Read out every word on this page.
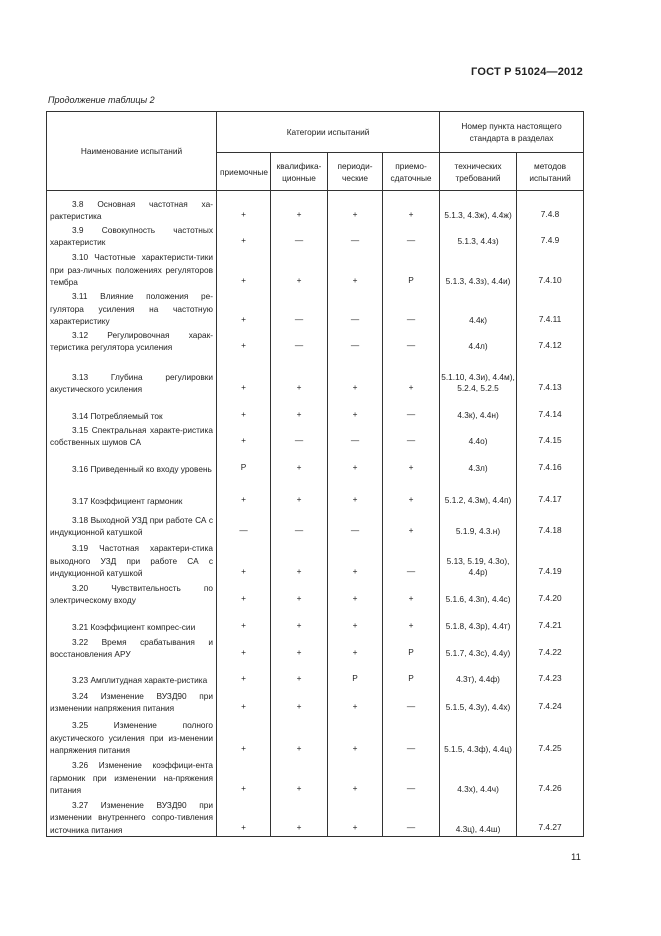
ГОСТ Р 51024—2012
Продолжение таблицы 2
Наименование испытаний	Категории испытаний				Номер пункта настоящего стандарта в разделах	
	приемочные	квалифика-ционные	периоди-ческие	приемо-сдаточные	технических требований	методов испытаний
3.8 Основная частотная ха-рактеристика	+	+	+	+	5.1.3, 4.3ж), 4.4ж)	7.4.8
3.9 Совокупность частотных характеристик	+	—	—	—	5.1.3, 4.4з)	7.4.9
3.10 Частотные характеристи-тики при раз-личных положениях регуляторов тембра	+	+	+	Р	5.1.3, 4.3з), 4.4и)	7.4.10
3.11 Влияние положения ре-гулятора усиления на частотную характеристику	+	—	—	—	4.4к)	7.4.11
3.12 Регулировочная харак-теристика регулятора усиления	+	—	—	—	4.4л)	7.4.12
3.13 Глубина регулировки акустического усиления	+	+	+	+	5.1.10, 4.3и), 4.4м), 5.2.4, 5.2.5	7.4.13
3.14 Потребляемый ток	+	+	+	—	4.3к), 4.4н)	7.4.14
3.15 Спектральная характе-ристика собственных шумов СА	+	—	—	—	4.4о)	7.4.15
3.16 Приведенный ко входу уровень	Р	+	+	+	4.3л)	7.4.16
3.17 Коэффициент гармоник	+	+	+	+	5.1.2, 4.3м), 4.4п)	7.4.17
3.18 Выходной УЗД при работе СА с индукционной катушкой	—	—	—	+	5.1.9, 4.3.н)	7.4.18
3.19 Частотная характери-стика выходного УЗД при работе СА с индукционной катушкой	+	+	+	—	5.13, 5.19, 4.3о), 4.4р)	7.4.19
3.20 Чувствительность по электрическому входу	+	+	+	+	5.1.6, 4.3п), 4.4с)	7.4.20
3.21 Коэффициент компрес-сии	+	+	+	+	5.1.8, 4.3р), 4.4т)	7.4.21
3.22 Время срабатывания и восстановления АРУ	+	+	+	Р	5.1.7, 4.3с), 4.4у)	7.4.22
3.23 Амплитудная характе-ристика	+	+	Р	Р	4.3т), 4.4ф)	7.4.23
3.24 Изменение ВУЗД90 при изменении напряжения питания	+	+	+	—	5.1.5, 4.3у), 4.4х)	7.4.24
3.25 Изменение полного акустического усиления при из-менении напряжения питания	+	+	+	—	5.1.5, 4.3ф), 4.4ц)	7.4.25
3.26 Изменение коэффици-ента гармоник при изменении на-пряжения питания	+	+	+	—	4.3х), 4.4ч)	7.4.26
3.27 Изменение ВУЗД90 при изменении внутреннего сопро-тивления источника питания	+	+	+	—	4.3ц), 4.4ш)	7.4.27
11
